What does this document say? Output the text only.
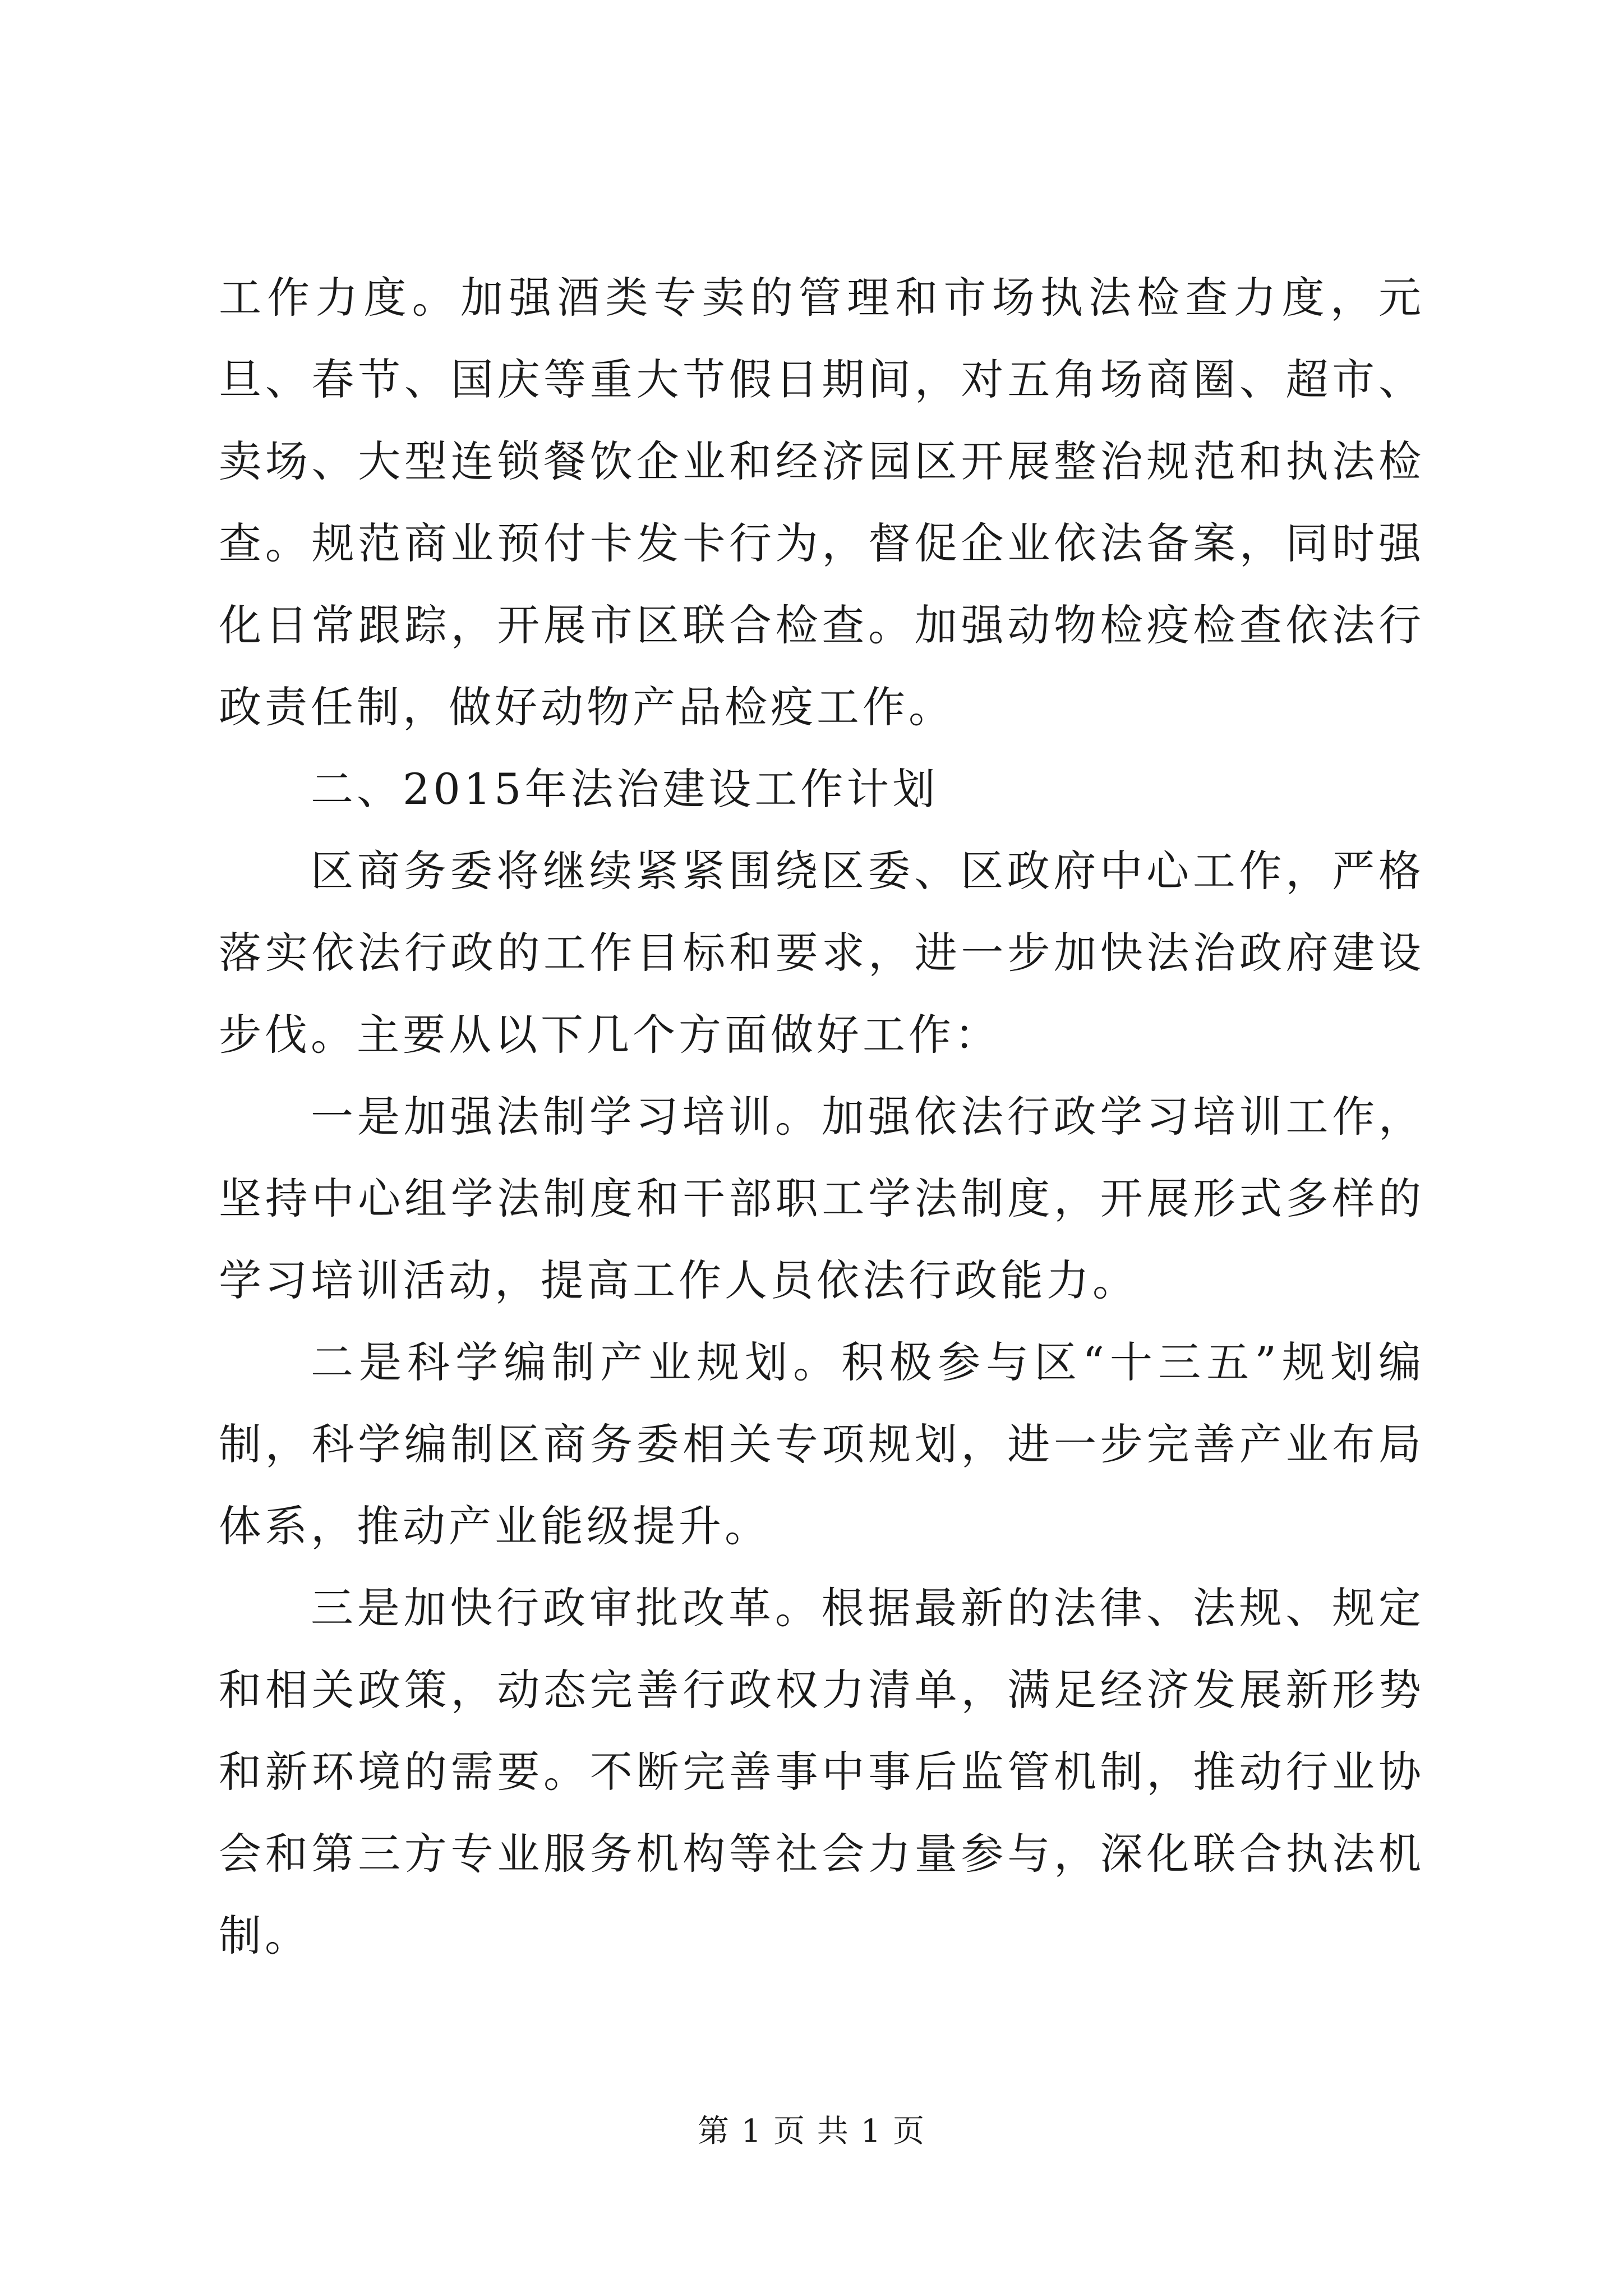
工作力度。加强酒类专卖的管理和市场执法检查力度，元旦、春节、国庆等重大节假日期间，对五角场商圈、超市、卖场、大型连锁餐饮企业和经济园区开展整治规范和执法检查。规范商业预付卡发卡行为，督促企业依法备案，同时强化日常跟踪，开展市区联合检查。加强动物检疫检查依法行政责任制，做好动物产品检疫工作。

二、2015年法治建设工作计划

区商务委将继续紧紧围绕区委、区政府中心工作，严格落实依法行政的工作目标和要求，进一步加快法治政府建设步伐。主要从以下几个方面做好工作：

一是加强法制学习培训。加强依法行政学习培训工作，坚持中心组学法制度和干部职工学法制度，开展形式多样的学习培训活动，提高工作人员依法行政能力。

二是科学编制产业规划。积极参与区“十三五”规划编制，科学编制区商务委相关专项规划，进一步完善产业布局体系，推动产业能级提升。

三是加快行政审批改革。根据最新的法律、法规、规定和相关政策，动态完善行政权力清单，满足经济发展新形势和新环境的需要。不断完善事中事后监管机制，推动行业协会和第三方专业服务机构等社会力量参与，深化联合执法机制。

第 1 页 共 1 页
